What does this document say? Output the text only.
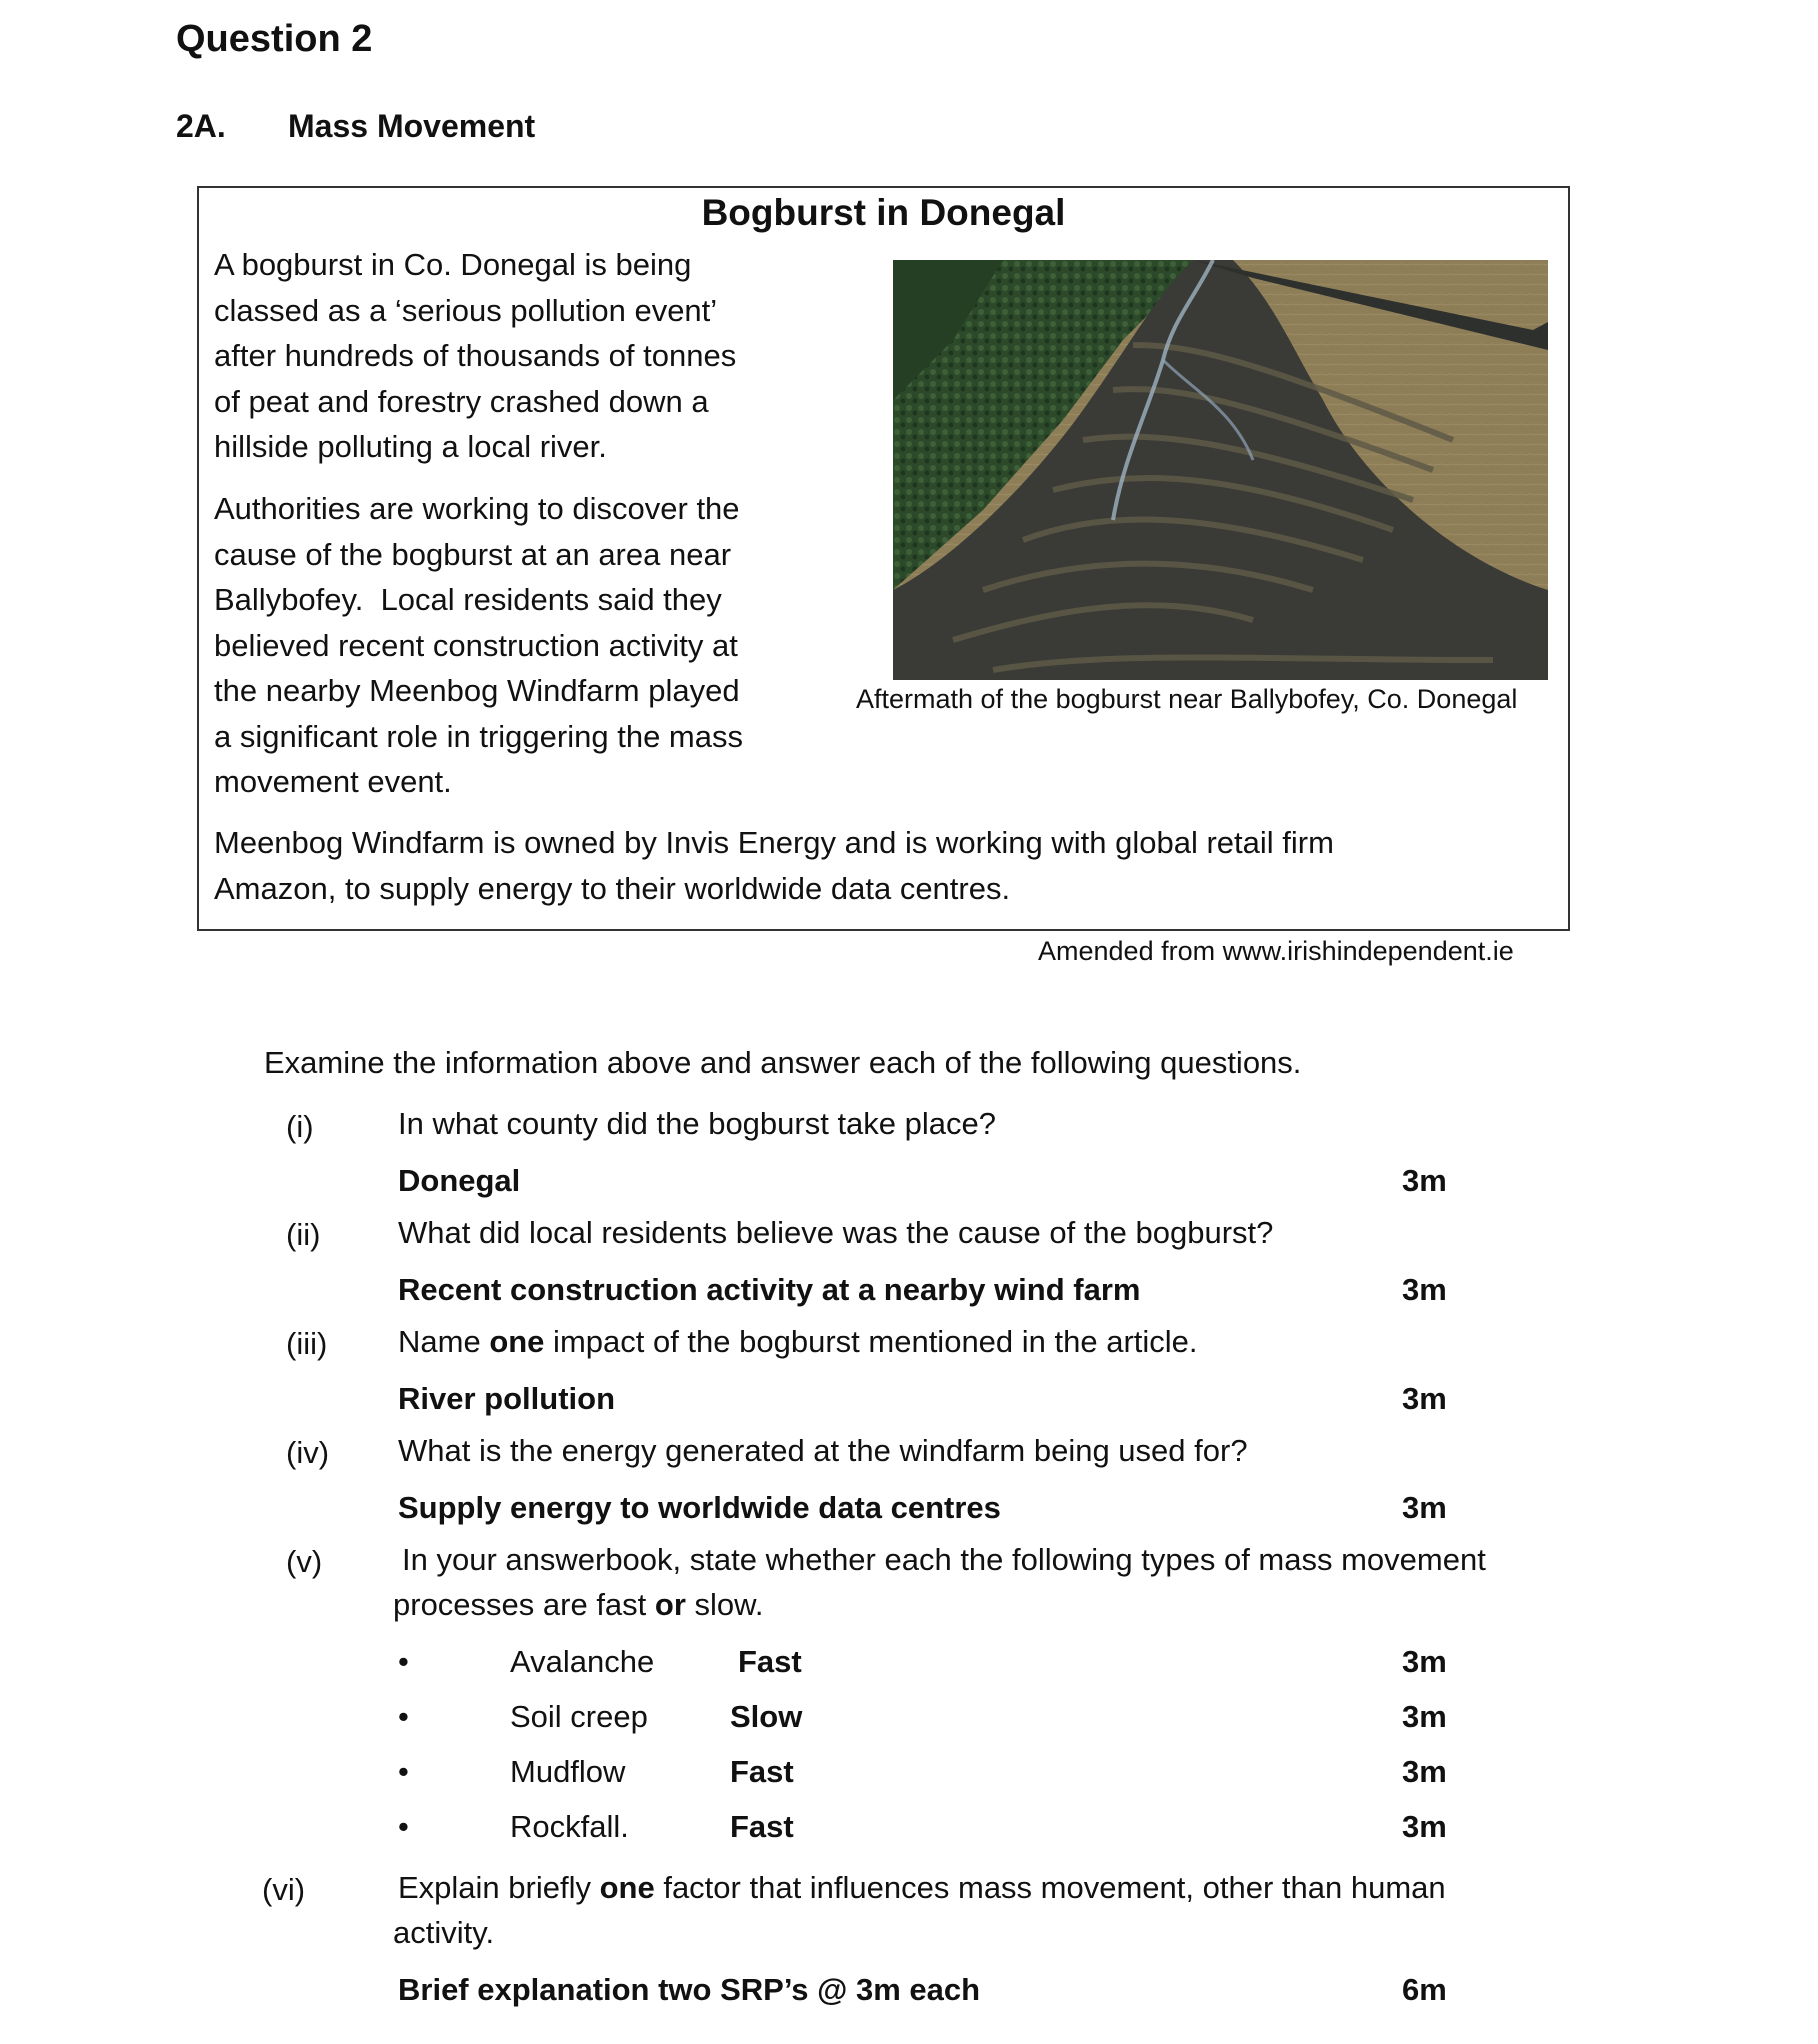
Question 2
2A. Mass Movement
Bogburst in Donegal
A bogburst in Co. Donegal is being
classed as a ‘serious pollution event’
after hundreds of thousands of tonnes
of peat and forestry crashed down a
hillside polluting a local river.
Authorities are working to discover the
cause of the bogburst at an area near
Ballybofey.  Local residents said they
believed recent construction activity at
the nearby Meenbog Windfarm played
a significant role in triggering the mass
movement event.
Meenbog Windfarm is owned by Invis Energy and is working with global retail firm
Amazon, to supply energy to their worldwide data centres.
Aftermath of the bogburst near Ballybofey, Co. Donegal
Amended from www.irishindependent.ie
Examine the information above and answer each of the following questions.
(i)	In what county did the bogburst take place?
Donegal	3m
(ii)	What did local residents believe was the cause of the bogburst?
Recent construction activity at a nearby wind farm	3m
(iii) Name one impact of the bogburst mentioned in the article.
River pollution	3m
(iv) What is the energy generated at the windfarm being used for?
Supply energy to worldwide data centres	3m
(v)	In your answerbook, state whether each the following types of mass movement
processes are fast or slow.
•	Avalanche	Fast	3m
•	Soil creep	Slow	3m
•	Mudflow	Fast	3m
•	Rockfall.	Fast	3m
(vi)	Explain briefly one factor that influences mass movement, other than human
activity.
Brief explanation two SRP’s @ 3m each	6m
